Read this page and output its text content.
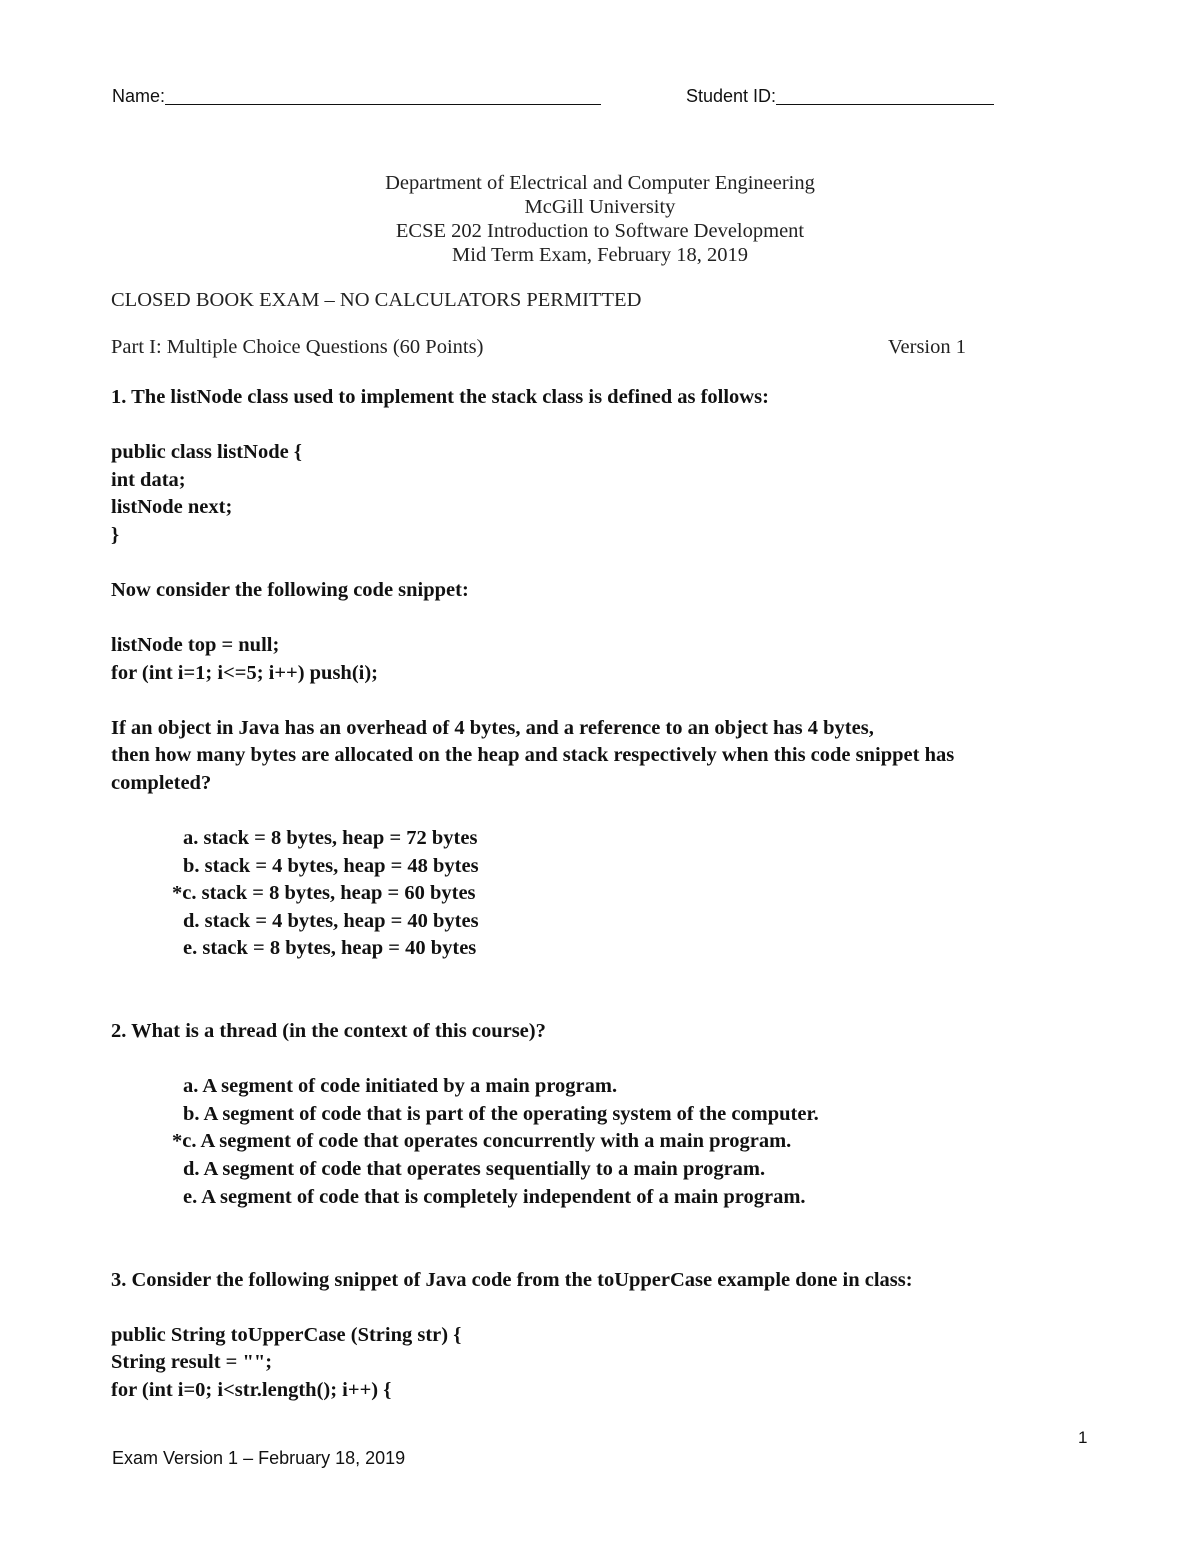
Name:	Student ID:
Department of Electrical and Computer Engineering
McGill University
ECSE 202 Introduction to Software Development
Mid Term Exam, February 18, 2019
CLOSED BOOK EXAM – NO CALCULATORS PERMITTED
Part I: Multiple Choice Questions (60 Points)	Version 1
1. The listNode class used to implement the stack class is defined as follows:
public class listNode {
int data;
listNode next;
}
Now consider the following code snippet:
listNode top = null;
for (int i=1; i<=5; i++) push(i);
If an object in Java has an overhead of 4 bytes, and a reference to an object has 4 bytes,
then how many bytes are allocated on the heap and stack respectively when this code snippet has
completed?
a. stack = 8 bytes, heap = 72 bytes
b. stack = 4 bytes, heap = 48 bytes
*c. stack = 8 bytes, heap = 60 bytes
d. stack = 4 bytes, heap = 40 bytes
e. stack = 8 bytes, heap = 40 bytes
2. What is a thread (in the context of this course)?
a. A segment of code initiated by a main program.
b. A segment of code that is part of the operating system of the computer.
*c. A segment of code that operates concurrently with a main program.
d. A segment of code that operates sequentially to a main program.
e. A segment of code that is completely independent of a main program.
3. Consider the following snippet of Java code from the toUpperCase example done in class:
public String toUpperCase (String str) {
String result = "";
for (int i=0; i<str.length(); i++) {
1
Exam Version 1 – February 18, 2019
